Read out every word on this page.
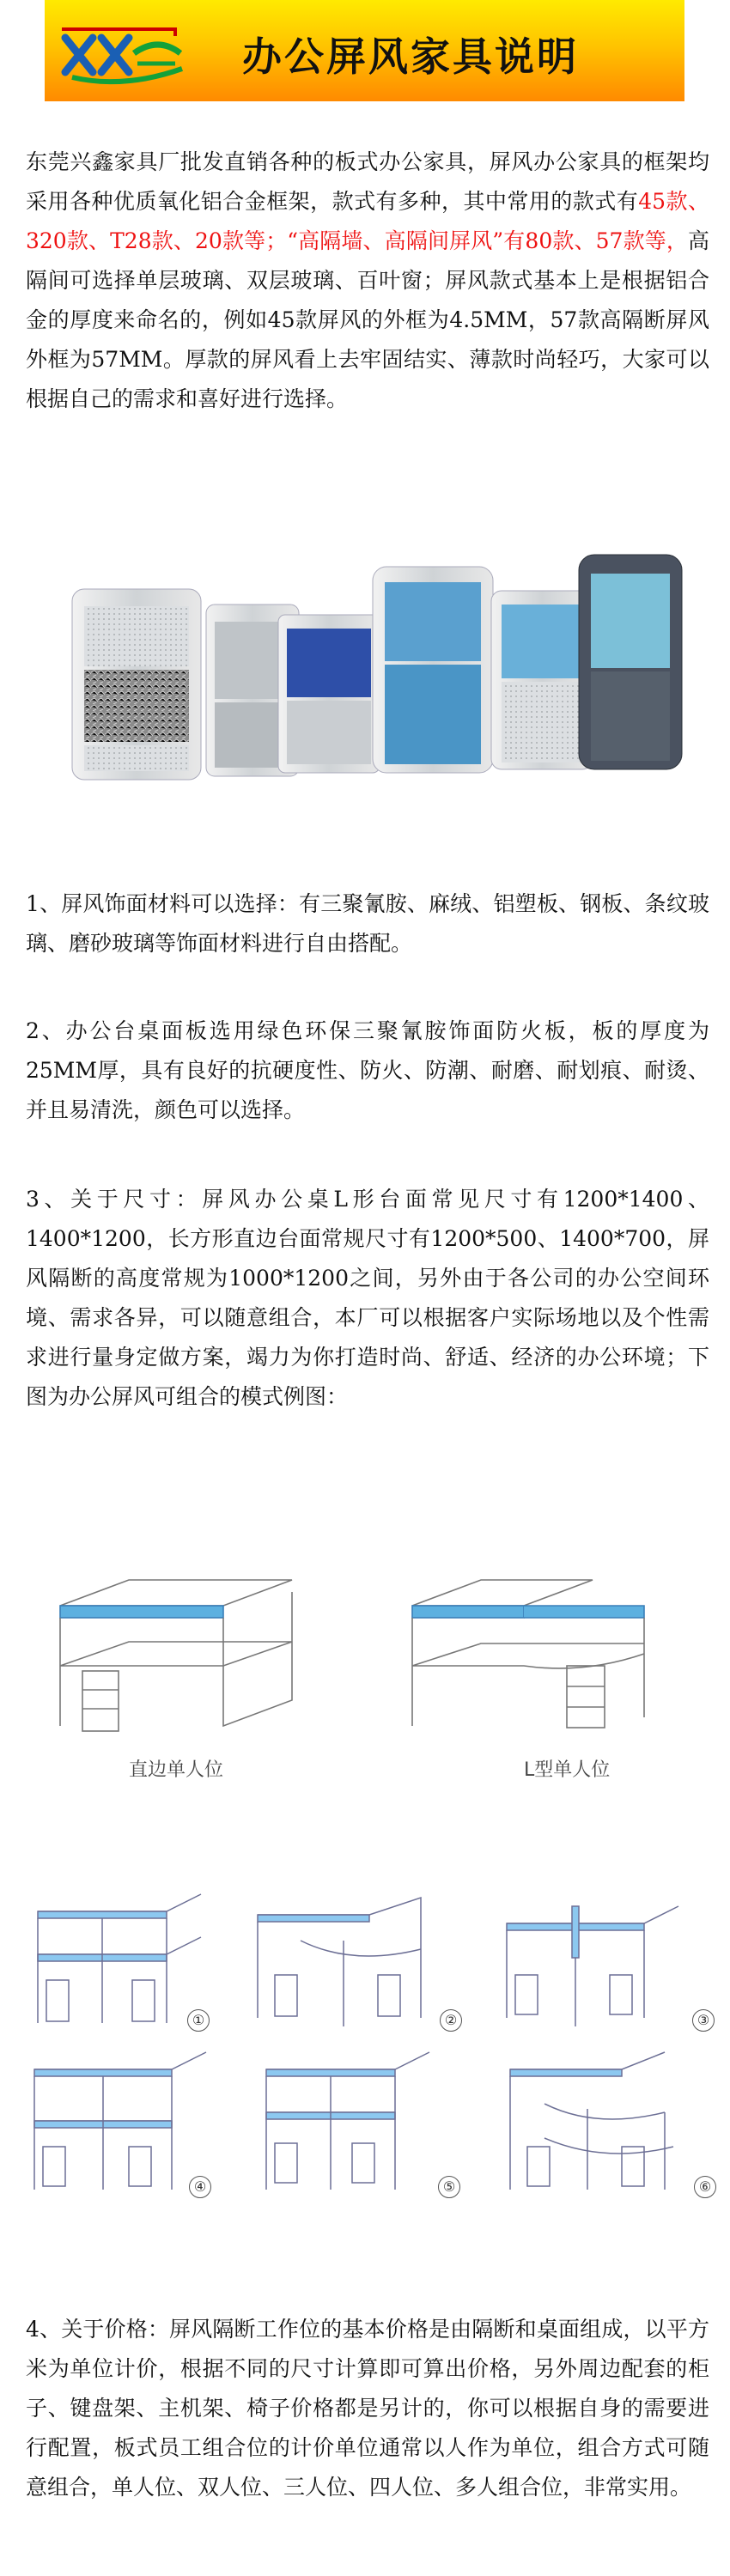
办公屏风家具说明
东莞兴鑫家具厂批发直销各种的板式办公家具，屏风办公家具的框架均采用各种优质氧化铝合金框架，款式有多种，其中常用的款式有45款、320款、T28款、20款等；“高隔墙、高隔间屏风”有80款、57款等，高隔间可选择单层玻璃、双层玻璃、百叶窗；屏风款式基本上是根据铝合金的厚度来命名的，例如45款屏风的外框为4.5MM，57款高隔断屏风外框为57MM。厚款的屏风看上去牢固结实、薄款时尚轻巧，大家可以根据自己的需求和喜好进行选择。
1、屏风饰面材料可以选择：有三聚氰胺、麻绒、铝塑板、钢板、条纹玻璃、磨砂玻璃等饰面材料进行自由搭配。
2、办公台桌面板选用绿色环保三聚氰胺饰面防火板，板的厚度为25MM厚，具有良好的抗硬度性、防火、防潮、耐磨、耐划痕、耐烫、并且易清洗，颜色可以选择。
3、关于尺寸：屏风办公桌L形台面常见尺寸有1200*1400、1400*1200，长方形直边台面常规尺寸有1200*500、1400*700，屏风隔断的高度常规为1000*1200之间，另外由于各公司的办公空间环境、需求各异，可以随意组合，本厂可以根据客户实际场地以及个性需求进行量身定做方案，竭力为你打造时尚、舒适、经济的办公环境；下图为办公屏风可组合的模式例图：
直边单人位	L型单人位
①	②	③
④	⑤	⑥
4、关于价格：屏风隔断工作位的基本价格是由隔断和桌面组成，以平方米为单位计价，根据不同的尺寸计算即可算出价格，另外周边配套的柜子、键盘架、主机架、椅子价格都是另计的，你可以根据自身的需要进行配置，板式员工组合位的计价单位通常以人作为单位，组合方式可随意组合，单人位、双人位、三人位、四人位、多人组合位，非常实用。
